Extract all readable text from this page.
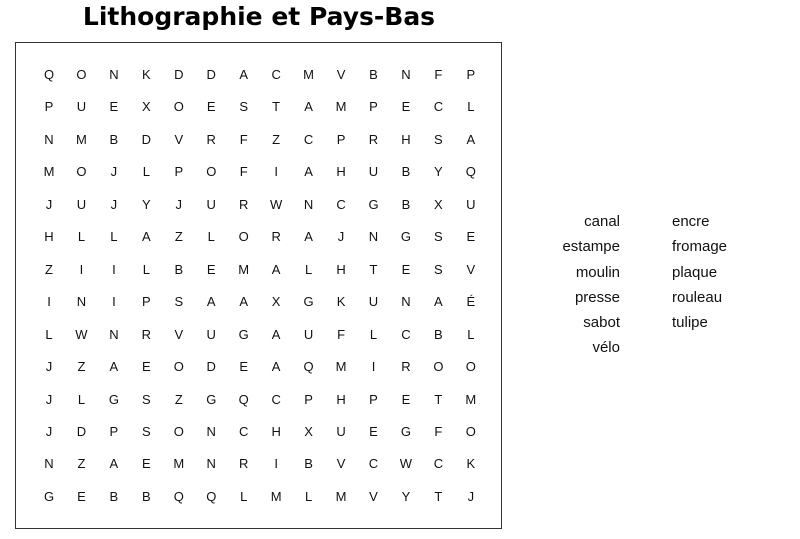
Lithographie et Pays-Bas
Q	O	N	K	D	D	A	C	M	V	B	N	F	P
P	U	E	X	O	E	S	T	A	M	P	E	C	L
N	M	B	D	V	R	F	Z	C	P	R	H	S	A
M	O	J	L	P	O	F	I	A	H	U	B	Y	Q
J	U	J	Y	J	U	R	W	N	C	G	B	X	U
H	L	L	A	Z	L	O	R	A	J	N	G	S	E
Z	I	I	L	B	E	M	A	L	H	T	E	S	V
I	N	I	P	S	A	A	X	G	K	U	N	A	É
L	W	N	R	V	U	G	A	U	F	L	C	B	L
J	Z	A	E	O	D	E	A	Q	M	I	R	O	O
J	L	G	S	Z	G	Q	C	P	H	P	E	T	M
J	D	P	S	O	N	C	H	X	U	E	G	F	O
N	Z	A	E	M	N	R	I	B	V	C	W	C	K
G	E	B	B	Q	Q	L	M	L	M	V	Y	T	J
canal
estampe
moulin
presse
sabot
vélo
encre
fromage
plaque
rouleau
tulipe
